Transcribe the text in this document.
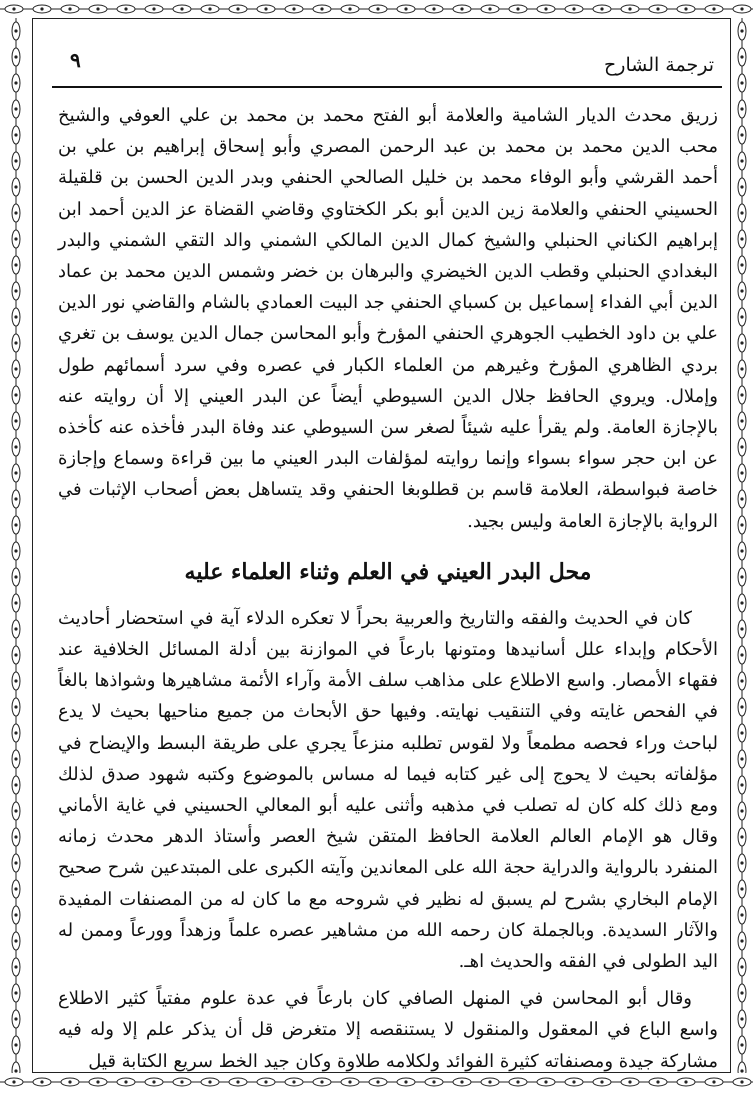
٩	ترجمة الشارح

زريق محدث الديار الشامية والعلامة أبو الفتح محمد بن محمد بن علي العوفي والشيخ محب الدين محمد بن محمد بن عبد الرحمن المصري وأبو إسحاق إبراهيم بن علي بن أحمد القرشي وأبو الوفاء محمد بن خليل الصالحي الحنفي وبدر الدين الحسن بن قلقيلة الحسيني الحنفي والعلامة زين الدين أبو بكر الكختاوي وقاضي القضاة عز الدين أحمد ابن إبراهيم الكناني الحنبلي والشيخ كمال الدين المالكي الشمني والد التقي الشمني والبدر البغدادي الحنبلي وقطب الدين الخيضري والبرهان بن خضر وشمس الدين محمد بن عماد الدين أبي الفداء إسماعيل بن كسباي الحنفي جد البيت العمادي بالشام والقاضي نور الدين علي بن داود الخطيب الجوهري الحنفي المؤرخ وأبو المحاسن جمال الدين يوسف بن تغري بردي الظاهري المؤرخ وغيرهم من العلماء الكبار في عصره وفي سرد أسمائهم طول وإملال. ويروي الحافظ جلال الدين السيوطي أيضاً عن البدر العيني إلا أن روايته عنه بالإجازة العامة. ولم يقرأ عليه شيئاً لصغر سن السيوطي عند وفاة البدر فأخذه عنه كأخذه عن ابن حجر سواء بسواء وإنما روايته لمؤلفات البدر العيني ما بين قراءة وسماع وإجازة خاصة فبواسطة، العلامة قاسم بن قطلوبغا الحنفي وقد يتساهل بعض أصحاب الإثبات في الرواية بالإجازة العامة وليس بجيد.

محل البدر العيني في العلم وثناء العلماء عليه

كان في الحديث والفقه والتاريخ والعربية بحراً لا تعكره الدلاء آية في استحضار أحاديث الأحكام وإبداء علل أسانيدها ومتونها بارعاً في الموازنة بين أدلة المسائل الخلافية عند فقهاء الأمصار. واسع الاطلاع على مذاهب سلف الأمة وآراء الأئمة مشاهيرها وشواذها بالغاً في الفحص غايته وفي التنقيب نهايته. وفيها حق الأبحاث من جميع مناحيها بحيث لا يدع لباحث وراء فحصه مطمعاً ولا لقوس تطلبه منزعاً يجري على طريقة البسط والإيضاح في مؤلفاته بحيث لا يحوج إلى غير كتابه فيما له مساس بالموضوع وكتبه شهود صدق لذلك ومع ذلك كله كان له تصلب في مذهبه وأثنى عليه أبو المعالي الحسيني في غاية الأماني وقال هو الإمام العالم العلامة الحافظ المتقن شيخ العصر وأستاذ الدهر محدث زمانه المنفرد بالرواية والدراية حجة الله على المعاندين وآيته الكبرى على المبتدعين شرح صحيح الإمام البخاري بشرح لم يسبق له نظير في شروحه مع ما كان له من المصنفات المفيدة والآثار السديدة. وبالجملة كان رحمه الله من مشاهير عصره علماً وزهداً وورعاً وممن له اليد الطولى في الفقه والحديث اهـ.

وقال أبو المحاسن في المنهل الصافي كان بارعاً في عدة علوم مفتياً كثير الاطلاع واسع الباع في المعقول والمنقول لا يستنقصه إلا متغرض قل أن يذكر علم إلا وله فيه مشاركة جيدة ومصنفاته كثيرة الفوائد ولكلامه طلاوة وكان جيد الخط سريع الكتابة قيل
